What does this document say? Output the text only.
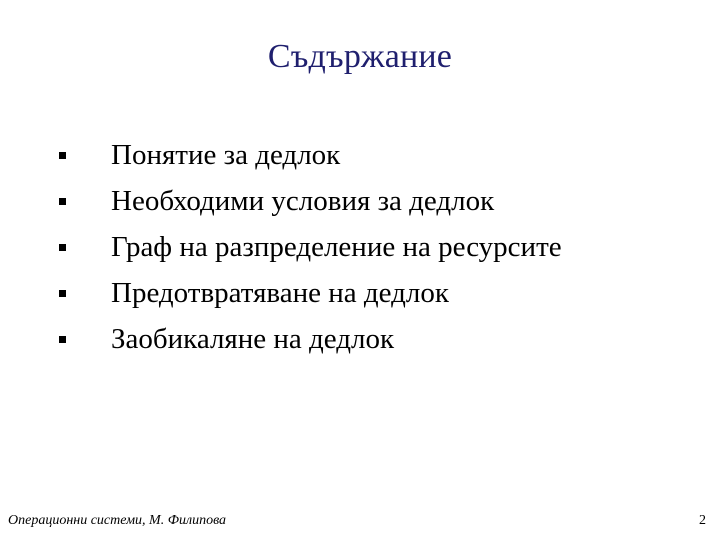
Съдържание
Понятие за дедлок
Необходими условия за дедлок
Граф на разпределение на ресурсите
Предотвратяване на дедлок
Заобикаляне на дедлок
Операционни системи, М. Филипова	2
